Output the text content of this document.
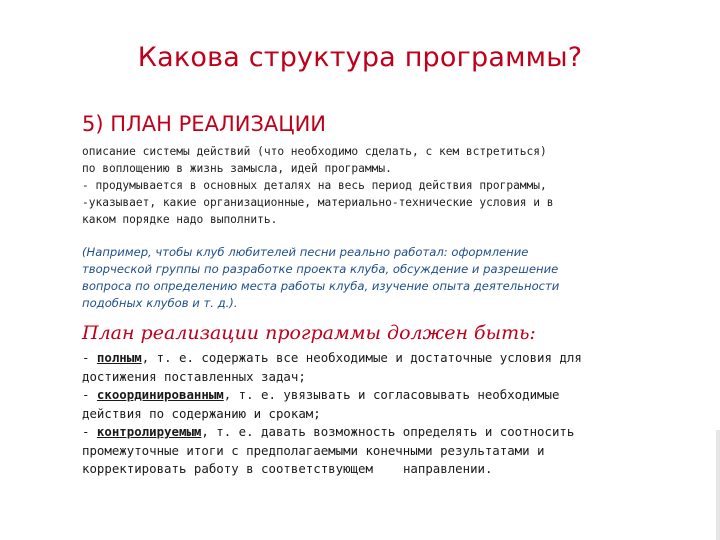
Какова структура программы?
5) ПЛАН РЕАЛИЗАЦИИ
описание системы действий (что необходимо сделать, с кем встретиться)
по воплощению в жизнь замысла, идей программы.
- продумывается в основных деталях на весь период действия программы,
-указывает, какие организационные, материально-технические условия и в
каком порядке надо выполнить.
(Например, чтобы клуб любителей песни реально работал: оформление
творческой группы по разработке проекта клуба, обсуждение и разрешение
вопроса по определению места работы клуба, изучение опыта деятельности
подобных клубов и т. д.).
План реализации программы должен быть:
- полным, т. е. содержать все необходимые и достаточные условия для
достижения поставленных задач;
- скоординированным, т. е. увязывать и согласовывать необходимые
действия по содержанию и срокам;
- контролируемым, т. е. давать возможность определять и соотносить
промежуточные итоги с предполагаемыми конечными результатами и
корректировать работу в соответствующем направлении.
